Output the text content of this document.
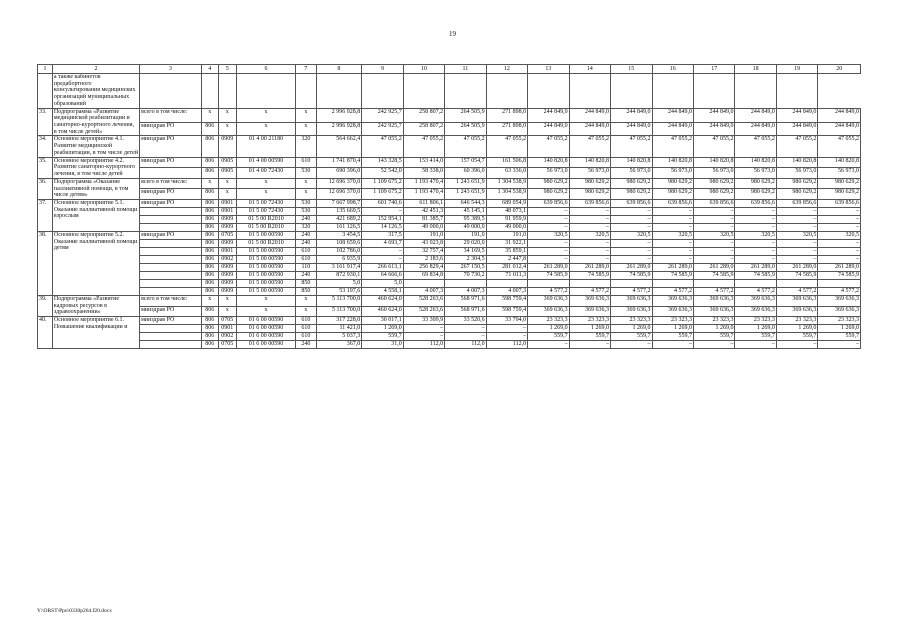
19
1	2	3	4	5	6	7	8	9	10	11	12	13	14	15	16	17	18	19	20
	а также кабинетов предабортного консультирования медицинских организаций муниципальных образований																		
33.	Подпрограмма «Развитие медицинской реабилитации и санаторно-курортного лечения, в том числе детей»	всего в том числе:	х	х	х	х	2 996 928,8	242 925,7	258 807,2	264 505,9	271 898,0	244 849,0	244 849,0	244 849,0	244 849,0	244 849,0	244 849,0	244 849,0	244 849,0
		минздрав РО	806	х	х	х	2 996 928,8	242 925,7	258 807,2	264 505,9	271 898,0	244 849,0	244 849,0	244 849,0	244 849,0	244 849,0	244 849,0	244 849,0	244 849,0
34.	Основное мероприятие 4.1. Развитие медицинской реабилитации, в том числе детей	минздрав РО	806	0909	01 4 00 21180	320	564 662,4	47 055,2	47 055,2	47 055,2	47 055,2	47 055,2	47 055,2	47 055,2	47 055,2	47 055,2	47 055,2	47 055,2	47 055,2
35.	Основное мероприятие 4.2. Развитие санаторно-курортного лечения, в том числе детей	минздрав РО	806	0905	01 4 00 00590	610	1 741 870,4	143 328,5	153 414,0	157 054,7	161 506,8	140 820,8	140 820,8	140 820,8	140 820,8	140 820,8	140 820,8	140 820,8	140 820,8
			806	0905	01 4 00 72430	530	690 396,0	52 542,0	58 338,0	60 396,0	63 336,0	56 973,0	56 973,0	56 973,0	56 973,0	56 973,0	56 973,0	56 973,0	56 973,0
36.	Подпрограмма «Оказание паллиативной помощи, в том числе детям»	всего в том числе:	х	х	х	х	12 696 370,0	1 109 675,2	1 193 470,4	1 243 651,9	1 304 538,9	980 629,2	980 629,2	980 629,2	980 629,2	980 629,2	980 629,2	980 629,2	980 629,2
		минздрав РО	806	х	х	х	12 696 370,0	1 109 675,2	1 193 470,4	1 243 651,9	1 304 538,9	980 629,2	980 629,2	980 629,2	980 629,2	980 629,2	980 629,2	980 629,2	980 629,2
37.	Основное мероприятие 5.1. Оказание паллиативной помощи взрослым	минздрав РО	806	0901	01 5 00 72430	530	7 667 998,7	601 740,6	611 806,1	646 544,3	689 054,9	639 856,6	639 856,6	639 856,6	639 856,6	639 856,6	639 856,6	639 856,6	639 856,6
			806	0901	01 5 00 72430	530	135 669,5	–	42 451,3	45 145,1	48 073,1	–	–	–	–	–	–	–	–
			806	0909	01 5 00 R2010	240	421 689,2	152 954,1	81 385,7	95 389,5	91 959,9	–	–	–	–	–	–	–	–
			806	0909	01 5 00 R2010	320	161 126,5	14 126,5	49 000,0	49 000,0	49 000,0	–	–	–	–	–	–	–	–
38.	Основное мероприятие 5.2. Оказание паллиативной помощи детям	минздрав РО	806	0705	01 5 00 00590	240	3 454,5	317,5	191,0	191,0	191,0	320,5	320,5	320,5	320,5	320,5	320,5	320,5	320,5
			806	0909	01 5 00 R2010	240	108 659,6	4 693,7	43 023,8	29 020,0	31 922,1	–	–	–	–	–	–	–	–
			806	0901	01 5 00 00590	610	102 786,0	–	32 757,4	34 169,5	35 859,1	–	–	–	–	–	–	–	–
			806	0902	01 5 00 00590	610	6 935,9	–	2 183,6	2 304,5	2 447,8	–	–	–	–	–	–	–	–
			806	0909	01 5 00 00590	110	3 161 917,4	266 613,1	256 829,4	267 150,5	281 012,4	261 289,0	261 289,0	261 289,0	261 289,0	261 289,0	261 289,0	261 289,0	261 289,0
			806	0909	01 5 00 00590	240	872 930,1	64 666,6	69 834,8	70 730,2	71 011,3	74 585,9	74 585,9	74 585,9	74 585,9	74 585,9	74 585,9	74 585,9	74 585,9
			806	0909	01 5 00 00590	850	5,0	5,0											
			806	0909	01 5 00 00590	850	53 197,6	4 558,1	4 007,3	4 007,3	4 007,3	4 577,2	4 577,2	4 577,2	4 577,2	4 577,2	4 577,2	4 577,2	4 577,2
39.	Подпрограмма «Развитие кадровых ресурсов в здравоохранении»	всего в том числе:	х	х	х	х	5 113 700,0	460 624,0	528 263,6	568 971,6	598 759,4	369 636,3	369 636,3	369 636,3	369 636,3	369 636,3	369 636,3	369 636,3	369 636,3
		минздрав РО	806	х	х	х	5 113 700,0	460 624,0	528 263,6	568 971,6	598 759,4	369 636,3	369 636,3	369 636,3	369 636,3	369 636,3	369 636,3	369 636,3	369 636,3
40.	Основное мероприятие 6.1. Повышение квалификации и	минздрав РО	806	0705	01 6 00 00590	610	317 228,0	30 017,1	33 309,9	33 520,6	33 794,0	23 323,3	23 323,3	23 323,3	23 323,3	23 323,3	23 323,3	23 323,3	23 323,3
			806	0901	01 6 00 00590	610	11 421,0	1 269,0	–	–	–	1 269,0	1 269,0	1 269,0	1 269,0	1 269,0	1 269,0	1 269,0	1 269,0
			806	0902	01 6 00 00590	610	5 037,3	559,7	–	–	–	559,7	559,7	559,7	559,7	559,7	559,7	559,7	559,7
			806	0705	01 6 00 00590	240	367,0	31,0	112,0	112,0	112,0	–	–	–	–	–	–	–	–
Y:\ORST\Ppo\0330p264.f20.docx
